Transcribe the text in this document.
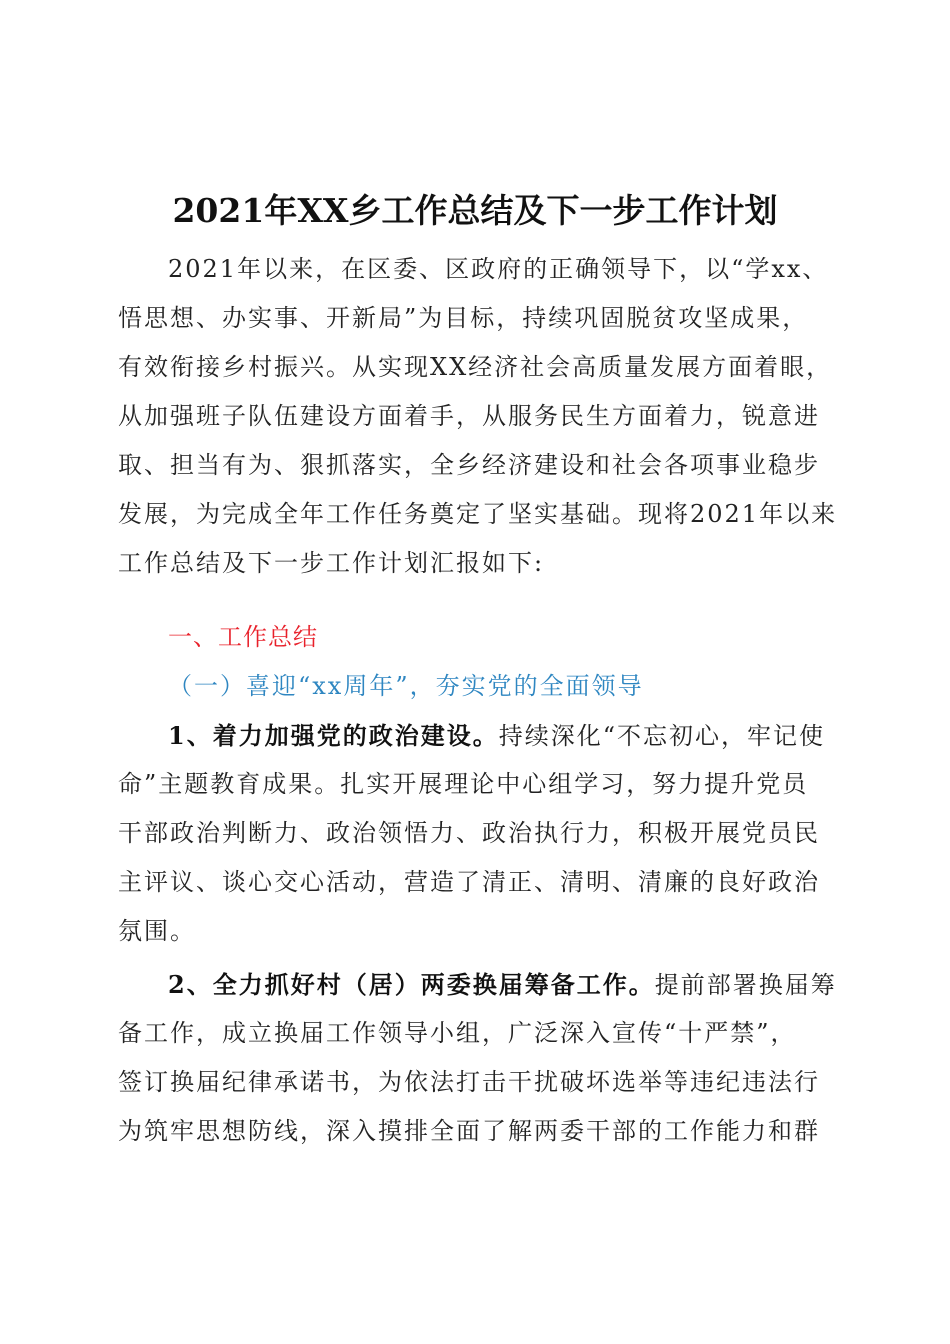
2021年XX乡工作总结及下一步工作计划
2021年以来，在区委、区政府的正确领导下，以“学xx、
悟思想、办实事、开新局”为目标，持续巩固脱贫攻坚成果，
有效衔接乡村振兴。从实现XX经济社会高质量发展方面着眼，
从加强班子队伍建设方面着手，从服务民生方面着力，锐意进
取、担当有为、狠抓落实，全乡经济建设和社会各项事业稳步
发展，为完成全年工作任务奠定了坚实基础。现将2021年以来
工作总结及下一步工作计划汇报如下:
一、工作总结
（一）喜迎“xx周年”，夯实党的全面领导
1、着力加强党的政治建设。持续深化“不忘初心，牢记使
命”主题教育成果。扎实开展理论中心组学习，努力提升党员
干部政治判断力、政治领悟力、政治执行力，积极开展党员民
主评议、谈心交心活动，营造了清正、清明、清廉的良好政治
氛围。
2、全力抓好村（居）两委换届筹备工作。提前部署换届筹
备工作，成立换届工作领导小组，广泛深入宣传“十严禁”，
签订换届纪律承诺书，为依法打击干扰破坏选举等违纪违法行
为筑牢思想防线，深入摸排全面了解两委干部的工作能力和群
